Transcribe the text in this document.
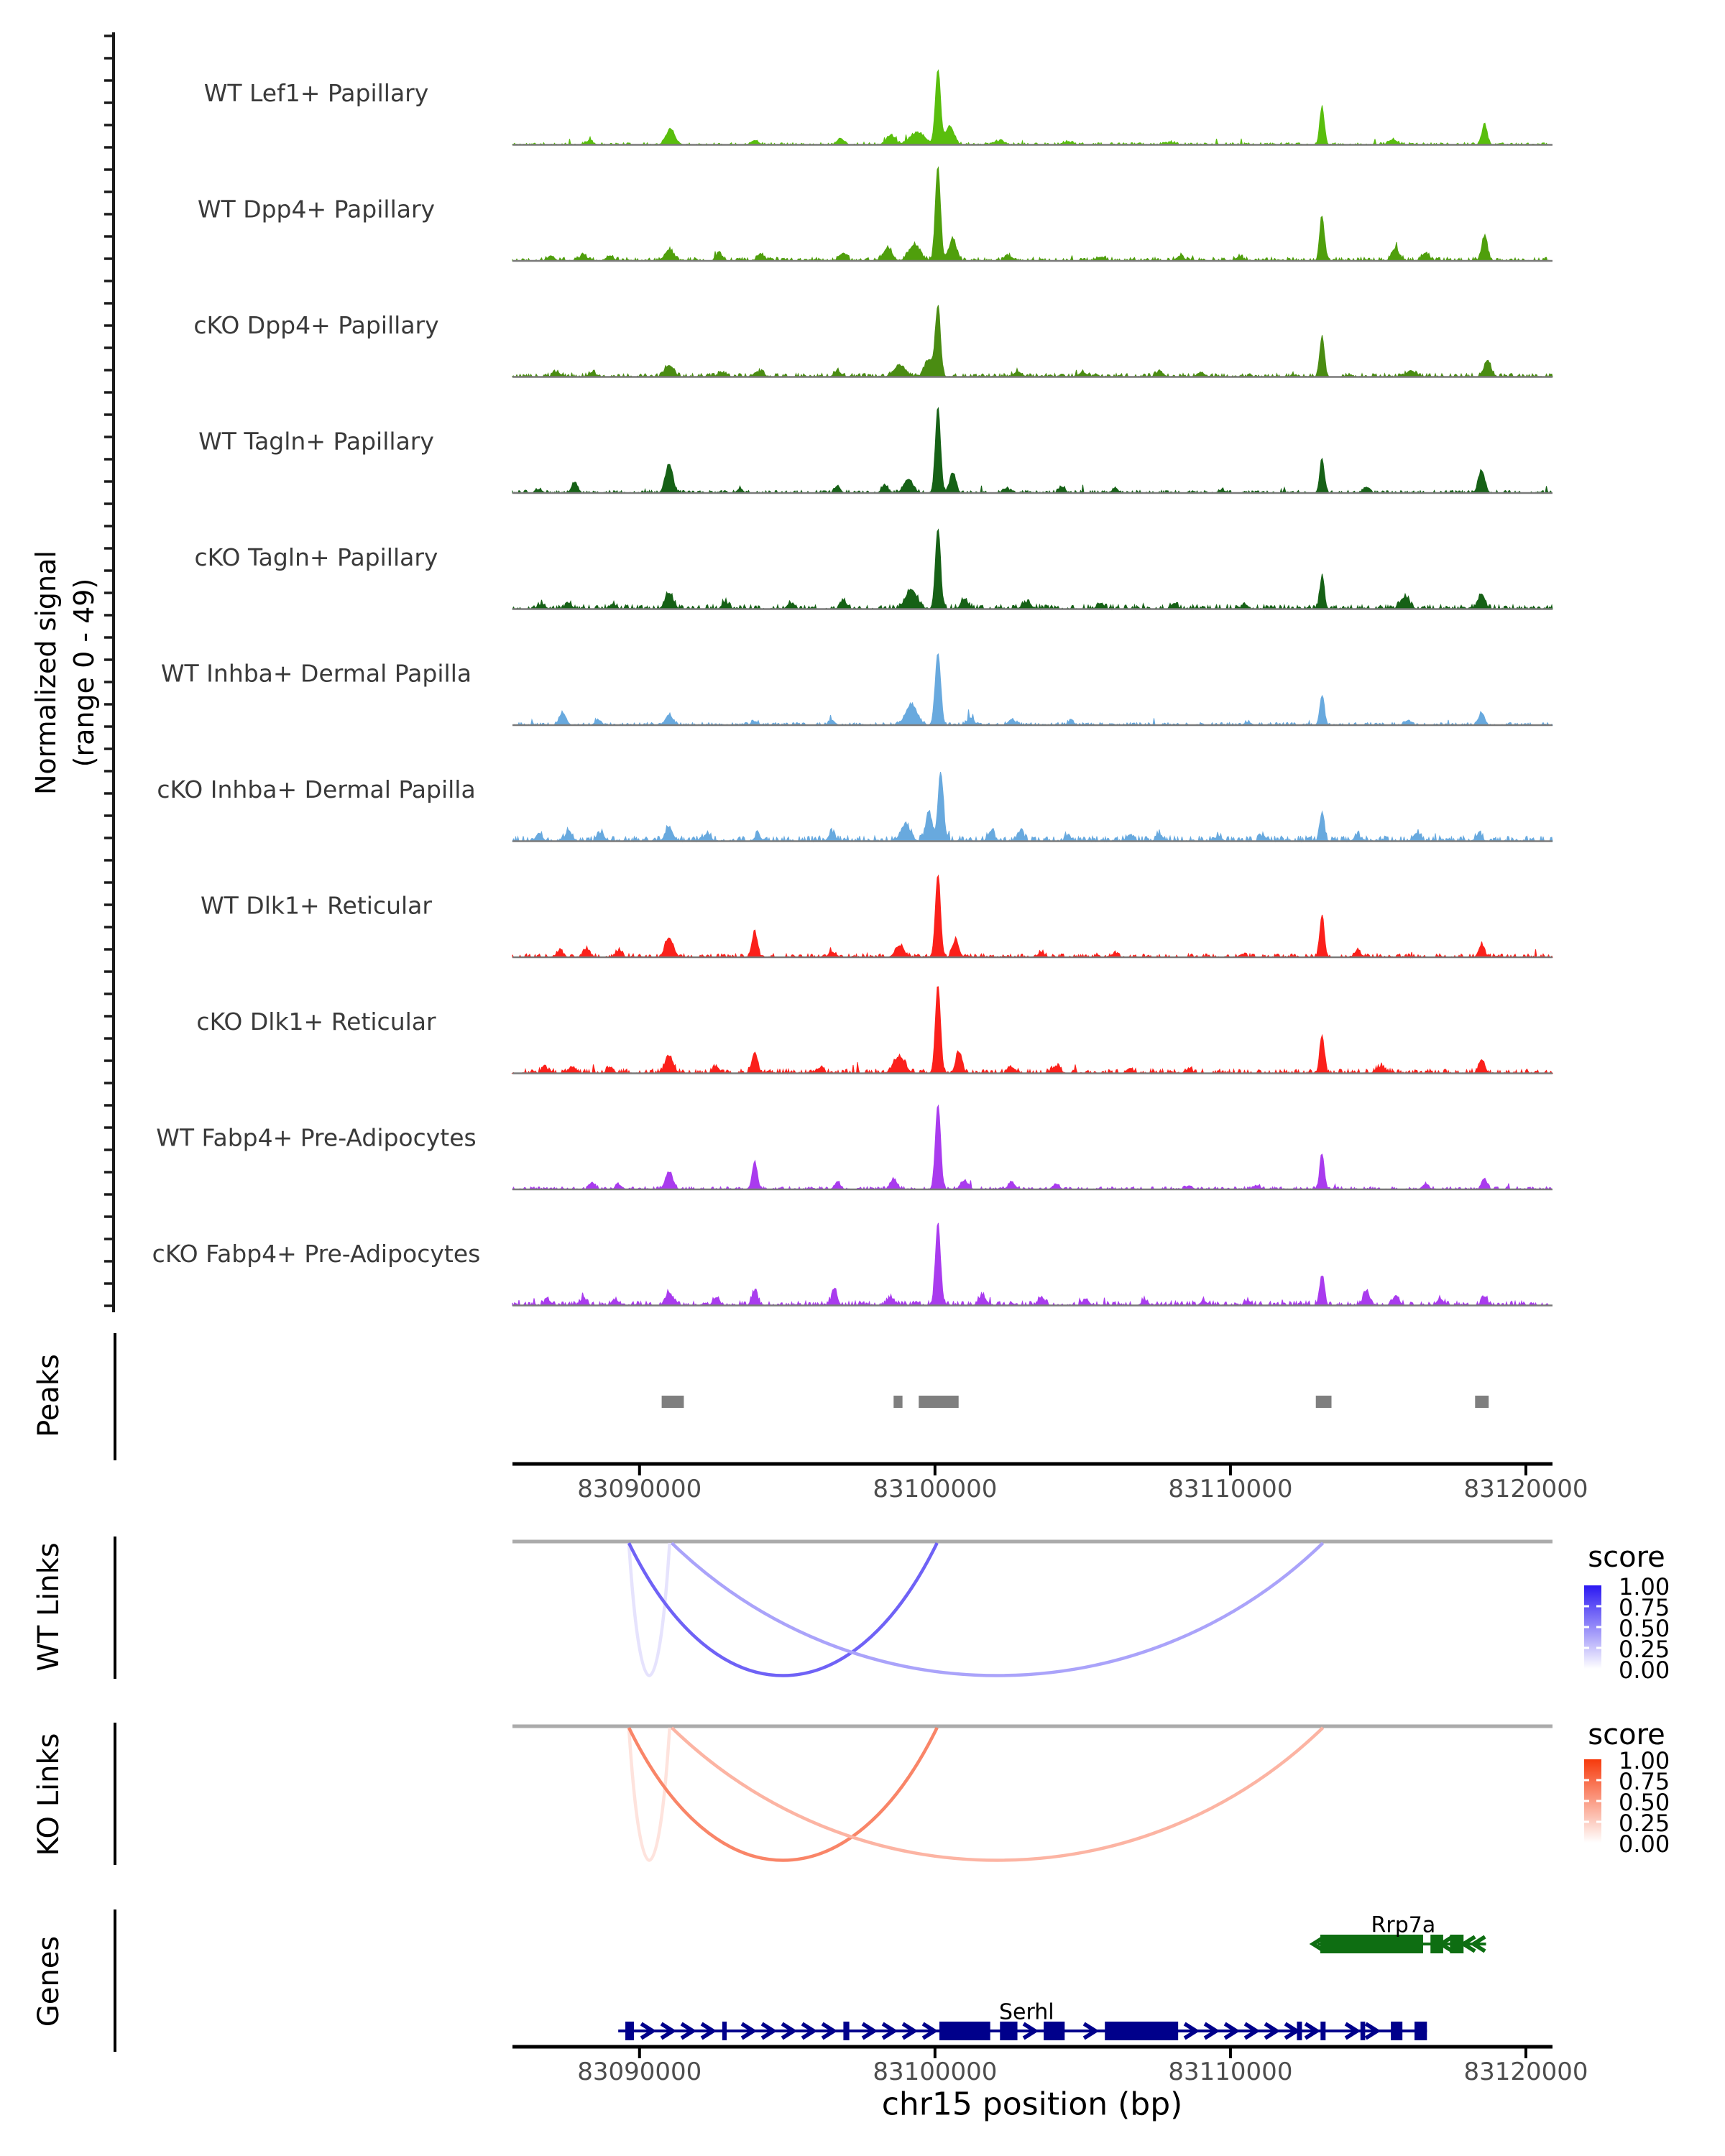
WT Lef1+ Papillary
WT Dpp4+ Papillary
cKO Dpp4+ Papillary
WT Tagln+ Papillary
cKO Tagln+ Papillary
WT Inhba+ Dermal Papilla
cKO Inhba+ Dermal Papilla
WT Dlk1+ Reticular
cKO Dlk1+ Reticular
WT Fabp4+ Pre-Adipocytes
cKO Fabp4+ Pre-Adipocytes
83090000	83100000	83110000	83120000
83090000	83100000	83110000	83120000
1.00
0.75
0.50
0.25
0.00
1.00
0.75
0.50
0.25
0.00
Rrp7a
Serhl
Normalized signal (range 0 - 49)
Peaks
WT Links
KO Links
Genes
chr15 position (bp)
score
score
